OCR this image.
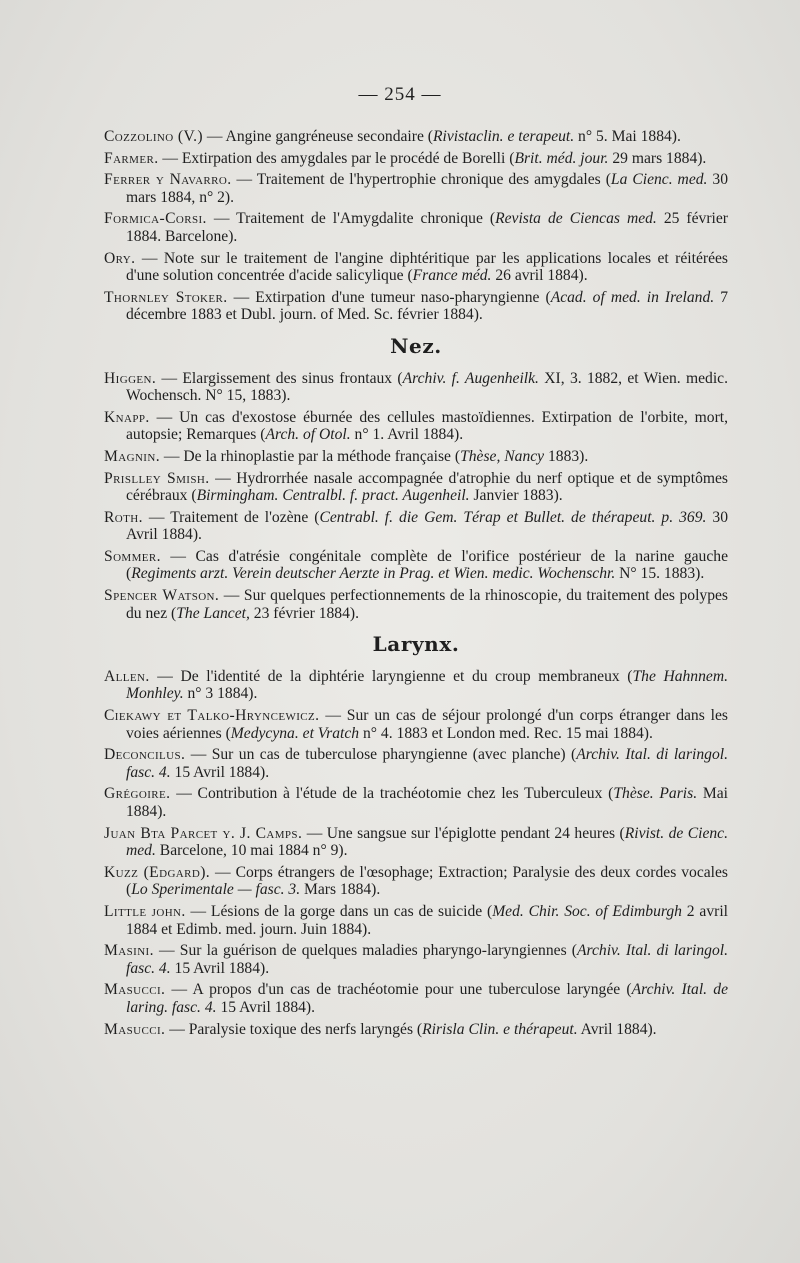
— 254 —

Cozzolino (V.) — Angine gangréneuse secondaire (Rivistaclin. e terapeut. n° 5. Mai 1884).

Farmer. — Extirpation des amygdales par le procédé de Borelli (Brit. méd. jour. 29 mars 1884).

Ferrer y Navarro. — Traitement de l'hypertrophie chronique des amygdales (La Cienc. med. 30 mars 1884, n° 2).

Formica-Corsi. — Traitement de l'Amygdalite chronique (Revista de Ciencas med. 25 février 1884. Barcelone).

Ory. — Note sur le traitement de l'angine diphtéritique par les applications locales et réitérées d'une solution concentrée d'acide salicylique (France méd. 26 avril 1884).

Thornley Stoker. — Extirpation d'une tumeur naso-pharyngienne (Acad. of med. in Ireland. 7 décembre 1883 et Dubl. journ. of Med. Sc. février 1884).

Nez.

Higgen. — Elargissement des sinus frontaux (Archiv. f. Augenheilk. XI, 3. 1882, et Wien. medic. Wochensch. N° 15, 1883).

Knapp. — Un cas d'exostose éburnée des cellules mastoïdiennes. Extirpation de l'orbite, mort, autopsie; Remarques (Arch. of Otol. n° 1. Avril 1884).

Magnin. — De la rhinoplastie par la méthode française (Thèse, Nancy 1883).

Prislley Smish. — Hydrorrhée nasale accompagnée d'atrophie du nerf optique et de symptômes cérébraux (Birmingham. Centralbl. f. pract. Augenheil. Janvier 1883).

Roth. — Traitement de l'ozène (Centrabl. f. die Gem. Térap et Bullet. de thérapeut. p. 369. 30 Avril 1884).

Sommer. — Cas d'atrésie congénitale complète de l'orifice postérieur de la narine gauche (Regiments arzt. Verein deutscher Aerzte in Prag. et Wien. medic. Wochenschr. N° 15. 1883).

Spencer Watson. — Sur quelques perfectionnements de la rhinoscopie, du traitement des polypes du nez (The Lancet, 23 février 1884).

Larynx.

Allen. — De l'identité de la diphtérie laryngienne et du croup membraneux (The Hahnnem. Monhley. n° 3 1884).

Ciekawy et Talko-Hryncewicz. — Sur un cas de séjour prolongé d'un corps étranger dans les voies aériennes (Medycyna. et Vratch n° 4. 1883 et London med. Rec. 15 mai 1884).

Deconcilus. — Sur un cas de tuberculose pharyngienne (avec planche) (Archiv. Ital. di laringol. fasc. 4. 15 Avril 1884).

Grégoire. — Contribution à l'étude de la trachéotomie chez les Tuberculeux (Thèse. Paris. Mai 1884).

Juan Bta Parcet y. J. Camps. — Une sangsue sur l'épiglotte pendant 24 heures (Rivist. de Cienc. med. Barcelone, 10 mai 1884 n° 9).

Kuzz (Edgard). — Corps étrangers de l'œsophage; Extraction; Paralysie des deux cordes vocales (Lo Sperimentale — fasc. 3. Mars 1884).

Little john. — Lésions de la gorge dans un cas de suicide (Med. Chir. Soc. of Edimburgh 2 avril 1884 et Edimb. med. journ. Juin 1884).

Masini. — Sur la guérison de quelques maladies pharyngo-laryngiennes (Archiv. Ital. di laringol. fasc. 4. 15 Avril 1884).

Masucci. — A propos d'un cas de trachéotomie pour une tuberculose laryngée (Archiv. Ital. de laring. fasc. 4. 15 Avril 1884).

Masucci. — Paralysie toxique des nerfs laryngés (Ririsla Clin. e thérapeut. Avril 1884).
